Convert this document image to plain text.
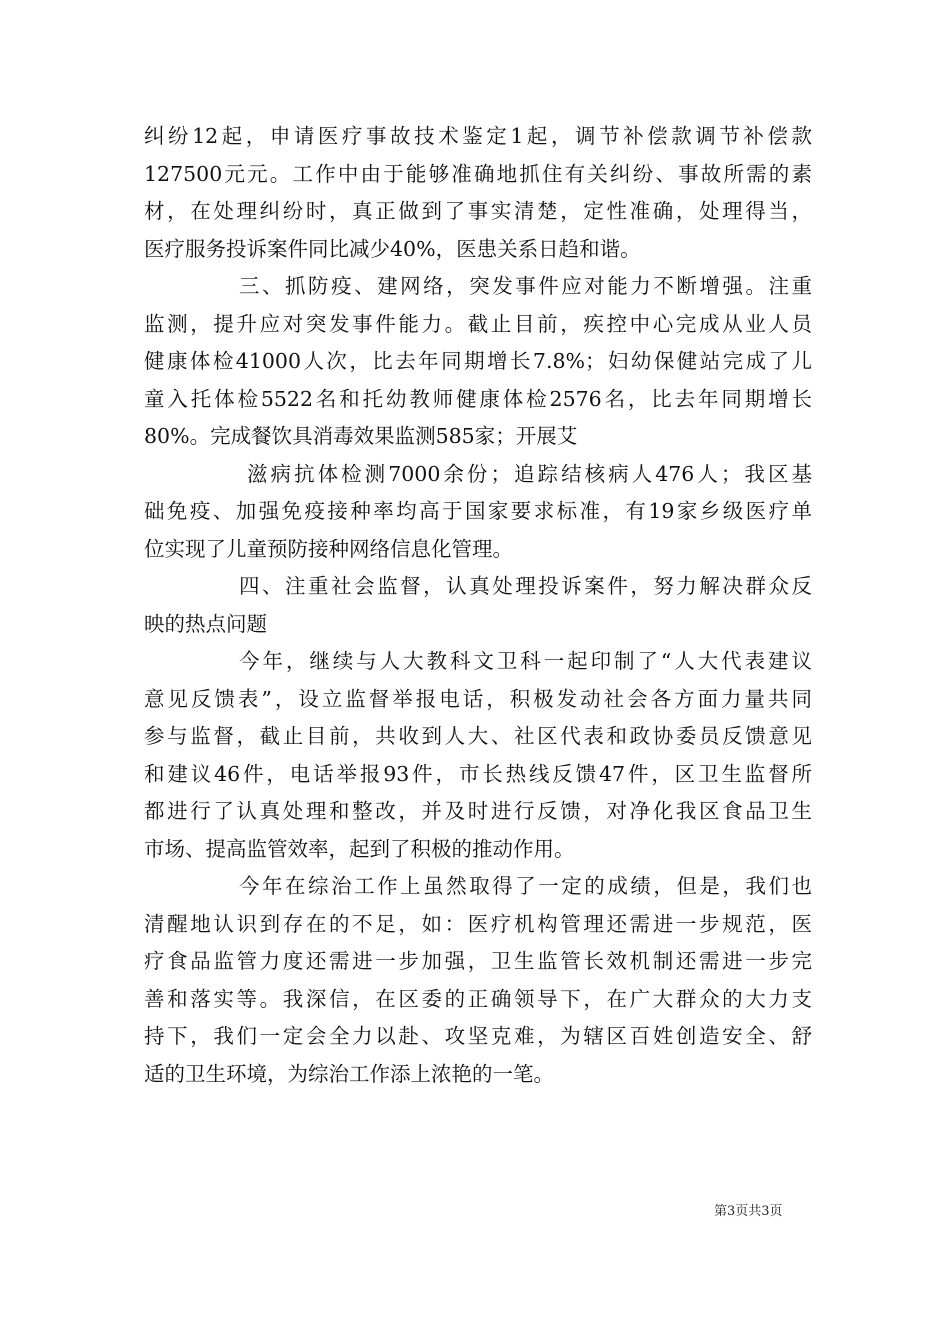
纠纷12起，申请医疗事故技术鉴定1起，调节补偿款调节补偿款
127500元元。工作中由于能够准确地抓住有关纠纷、事故所需的素
材，在处理纠纷时，真正做到了事实清楚，定性准确，处理得当，
医疗服务投诉案件同比减少40%，医患关系日趋和谐。

三、抓防疫、建网络，突发事件应对能力不断增强。注重
监测，提升应对突发事件能力。截止目前，疾控中心完成从业人员
健康体检41000人次，比去年同期增长7.8%；妇幼保健站完成了儿
童入托体检5522名和托幼教师健康体检2576名，比去年同期增长
80%。完成餐饮具消毒效果监测585家；开展艾

滋病抗体检测7000余份；追踪结核病人476人；我区基
础免疫、加强免疫接种率均高于国家要求标准，有19家乡级医疗单
位实现了儿童预防接种网络信息化管理。

四、注重社会监督，认真处理投诉案件，努力解决群众反
映的热点问题

今年，继续与人大教科文卫科一起印制了“人大代表建议
意见反馈表”，设立监督举报电话，积极发动社会各方面力量共同
参与监督，截止目前，共收到人大、社区代表和政协委员反馈意见
和建议46件，电话举报93件，市长热线反馈47件，区卫生监督所
都进行了认真处理和整改，并及时进行反馈，对净化我区食品卫生
市场、提高监管效率，起到了积极的推动作用。

今年在综治工作上虽然取得了一定的成绩，但是，我们也
清醒地认识到存在的不足，如：医疗机构管理还需进一步规范，医
疗食品监管力度还需进一步加强，卫生监管长效机制还需进一步完
善和落实等。我深信，在区委的正确领导下，在广大群众的大力支
持下，我们一定会全力以赴、攻坚克难，为辖区百姓创造安全、舒
适的卫生环境，为综治工作添上浓艳的一笔。

第3页共3页
